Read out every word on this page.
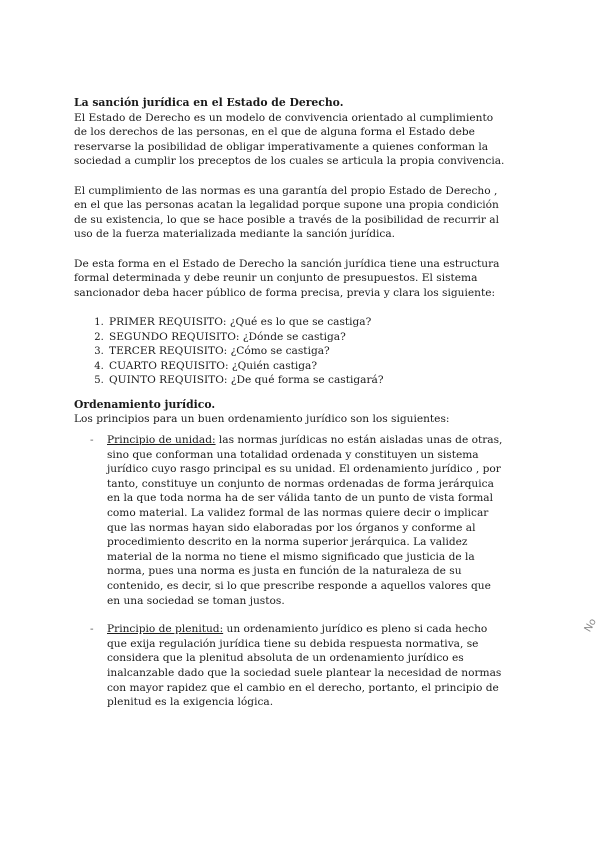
La sanción jurídica en el Estado de Derecho.

El Estado de Derecho es un modelo de convivencia orientado al cumplimiento de los derechos de las personas, en el que de alguna forma el Estado debe reservarse la posibilidad de obligar imperativamente a quienes conforman la sociedad a cumplir los preceptos de los cuales se articula la propia convivencia.

El cumplimiento de las normas es una garantía del propio Estado de Derecho , en el que las personas acatan la legalidad porque supone una propia condición de su existencia, lo que se hace posible a través de la posibilidad de recurrir al uso de la fuerza materializada mediante la sanción jurídica.

De esta forma en el Estado de Derecho la sanción jurídica tiene una estructura formal determinada y debe reunir un conjunto de presupuestos. El sistema sancionador deba hacer público de forma precisa, previa y clara los siguiente:

1. PRIMER REQUISITO: ¿Qué es lo que se castiga?
2. SEGUNDO REQUISITO: ¿Dónde se castiga?
3. TERCER REQUISITO: ¿Cómo se castiga?
4. CUARTO REQUISITO: ¿Quién castiga?
5. QUINTO REQUISITO: ¿De qué forma se castigará?
Ordenamiento jurídico.
Los principios para un buen ordenamiento jurídico son los siguientes:
- Principio de unidad: las normas jurídicas no están aisladas unas de otras, sino que conforman una totalidad ordenada y constituyen un sistema jurídico cuyo rasgo principal es su unidad. El ordenamiento jurídico , por tanto, constituye un conjunto de normas ordenadas de forma jerárquica en la que toda norma ha de ser válida tanto de un punto de vista formal como material. La validez formal de las normas quiere decir o implicar que las normas hayan sido elaboradas por los órganos y conforme al procedimiento descrito en la norma superior jerárquica. La validez material de la norma no tiene el mismo significado que justicia de la norma, pues una norma es justa en función de la naturaleza de su contenido, es decir, si lo que prescribe responde a aquellos valores que en una sociedad se toman justos.
- Principio de plenitud: un ordenamiento jurídico es pleno si cada hecho que exija regulación jurídica tiene su debida respuesta normativa, se considera que la plenitud absoluta de un ordenamiento jurídico es inalcanzable dado que la sociedad suele plantear la necesidad de normas con mayor rapidez que el cambio en el derecho, portanto, el principio de plenitud es la exigencia lógica.
No
